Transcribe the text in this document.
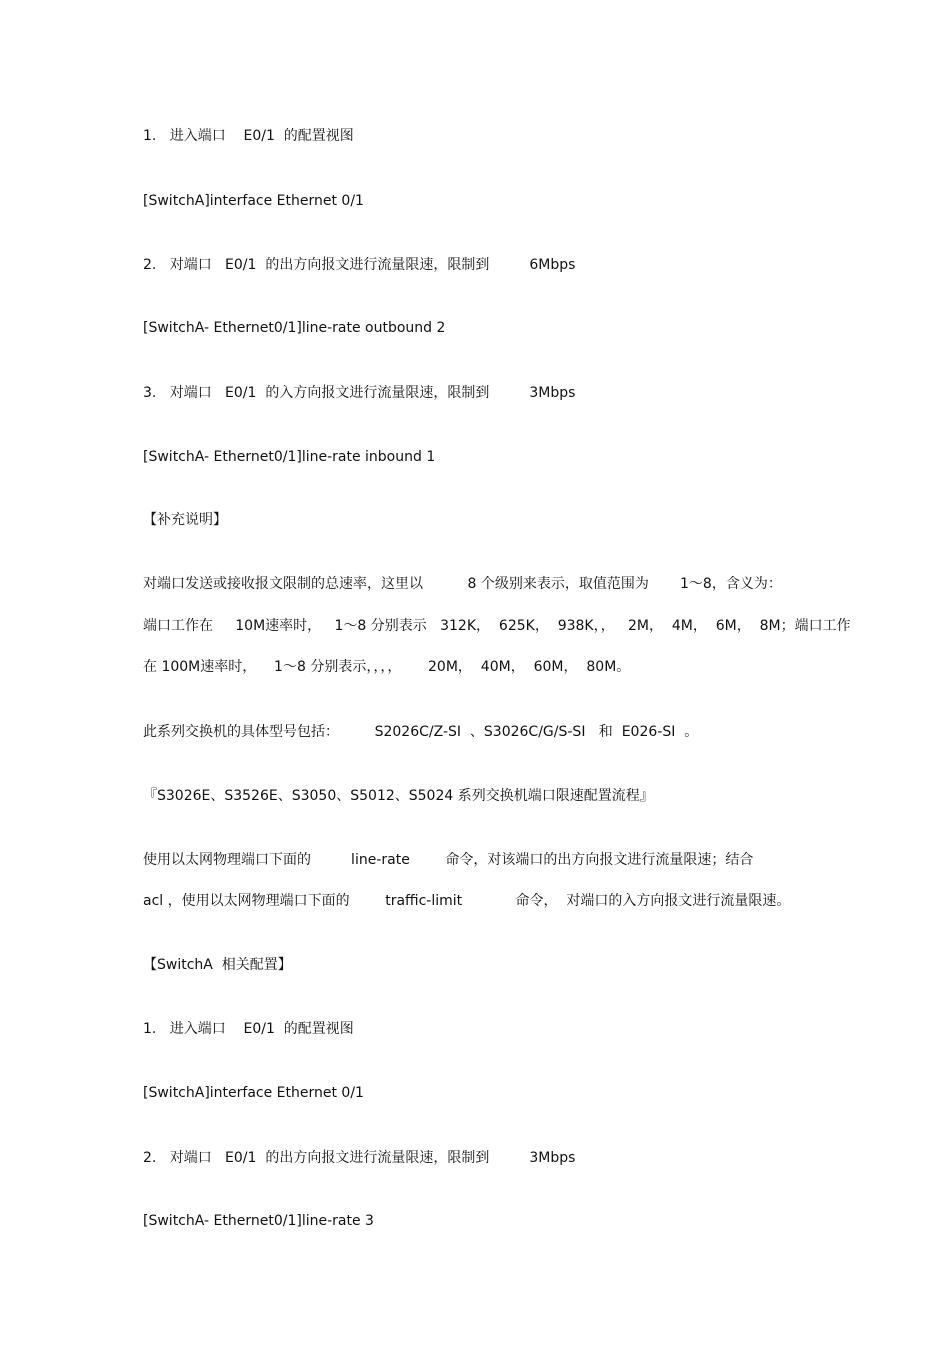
1.   进入端口    E0/1  的配置视图
[SwitchA]interface Ethernet 0/1
2.   对端口   E0/1  的出方向报文进行流量限速，限制到         6Mbps
[SwitchA- Ethernet0/1]line-rate outbound 2
3.   对端口   E0/1  的入方向报文进行流量限速，限制到         3Mbps
[SwitchA- Ethernet0/1]line-rate inbound 1
【补充说明】
对端口发送或接收报文限制的总速率，这里以          8 个级别来表示，取值范围为       1～8，含义为：
端口工作在     10M速率时，   1～8 分别表示   312K，  625K，  938K，，   2M，  4M，  6M，  8M；端口工作
在 100M速率时，    1～8 分别表示，，，，      20M，  40M，  60M，  80M。
此系列交换机的具体型号包括：        S2026C/Z-SI  、S3026C/G/S-SI   和  E026-SI  。
『S3026E、S3526E、S3050、S5012、S5024 系列交换机端口限速配置流程』
使用以太网物理端口下面的         line-rate        命令，对该端口的出方向报文进行流量限速；结合
acl ，使用以太网物理端口下面的        traffic-limit            命令，  对端口的入方向报文进行流量限速。
【SwitchA  相关配置】
1.   进入端口    E0/1  的配置视图
[SwitchA]interface Ethernet 0/1
2.   对端口   E0/1  的出方向报文进行流量限速，限制到         3Mbps
[SwitchA- Ethernet0/1]line-rate 3
